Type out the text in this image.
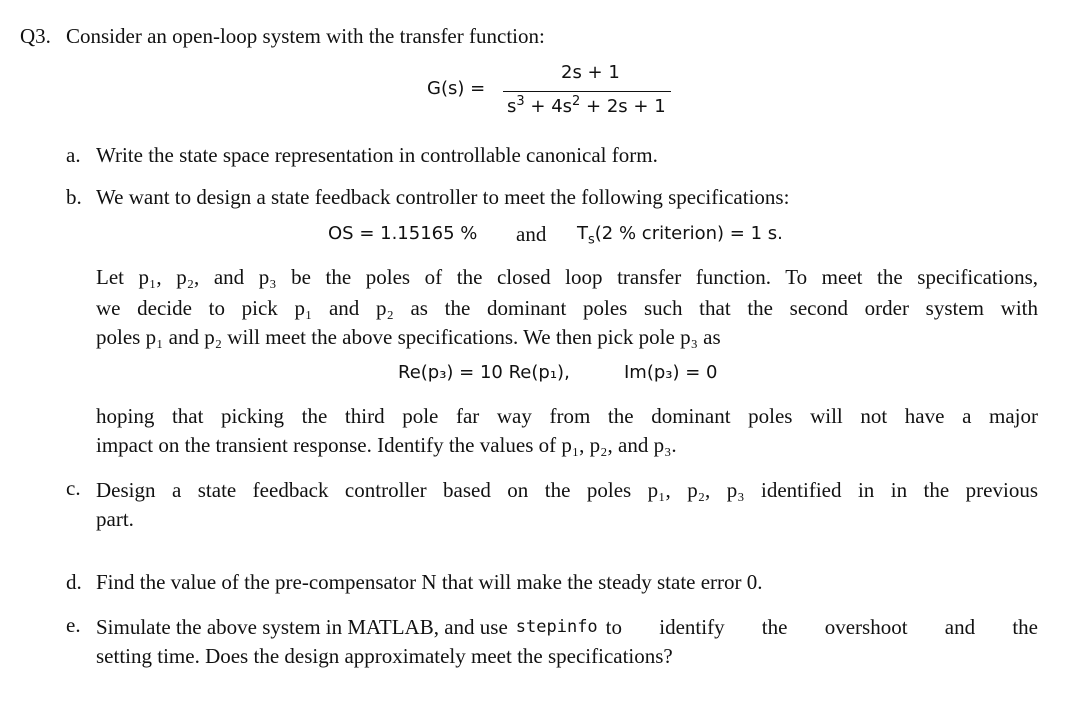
Q3. Consider an open-loop system with the transfer function:
G(s) =
2s + 1
$s^3 + 4s^2 + 2s + 1$
a. Write the state space representation in controllable canonical form.
b. We want to design a state feedback controller to meet the following specifications:
OS = 1.15165 % and $T_s(2$ % criterion) = 1 s.
Let p₁, p₂, and p₃ be the poles of the closed loop transfer function. To meet the specifications,
we decide to pick p₁ and p₂ as the dominant poles such that the second order system with
poles p₁ and p₂ will meet the above specifications. We then pick pole p₃ as
Re(p₃) = 10 Re(p₁),	Im(p₃) = 0
hoping that picking the third pole far way from the dominant poles will not have a major
impact on the transient response. Identify the values of p₁, p₂, and p₃.
c. Design a state feedback controller based on the poles p₁, p₂, p₃ identified in in the previous
part.
d. Find the value of the pre-compensator N that will make the steady state error 0.
e. Simulate the above system in MATLAB, and use stepinfo to identify the overshoot and the
setting time. Does the design approximately meet the specifications?
